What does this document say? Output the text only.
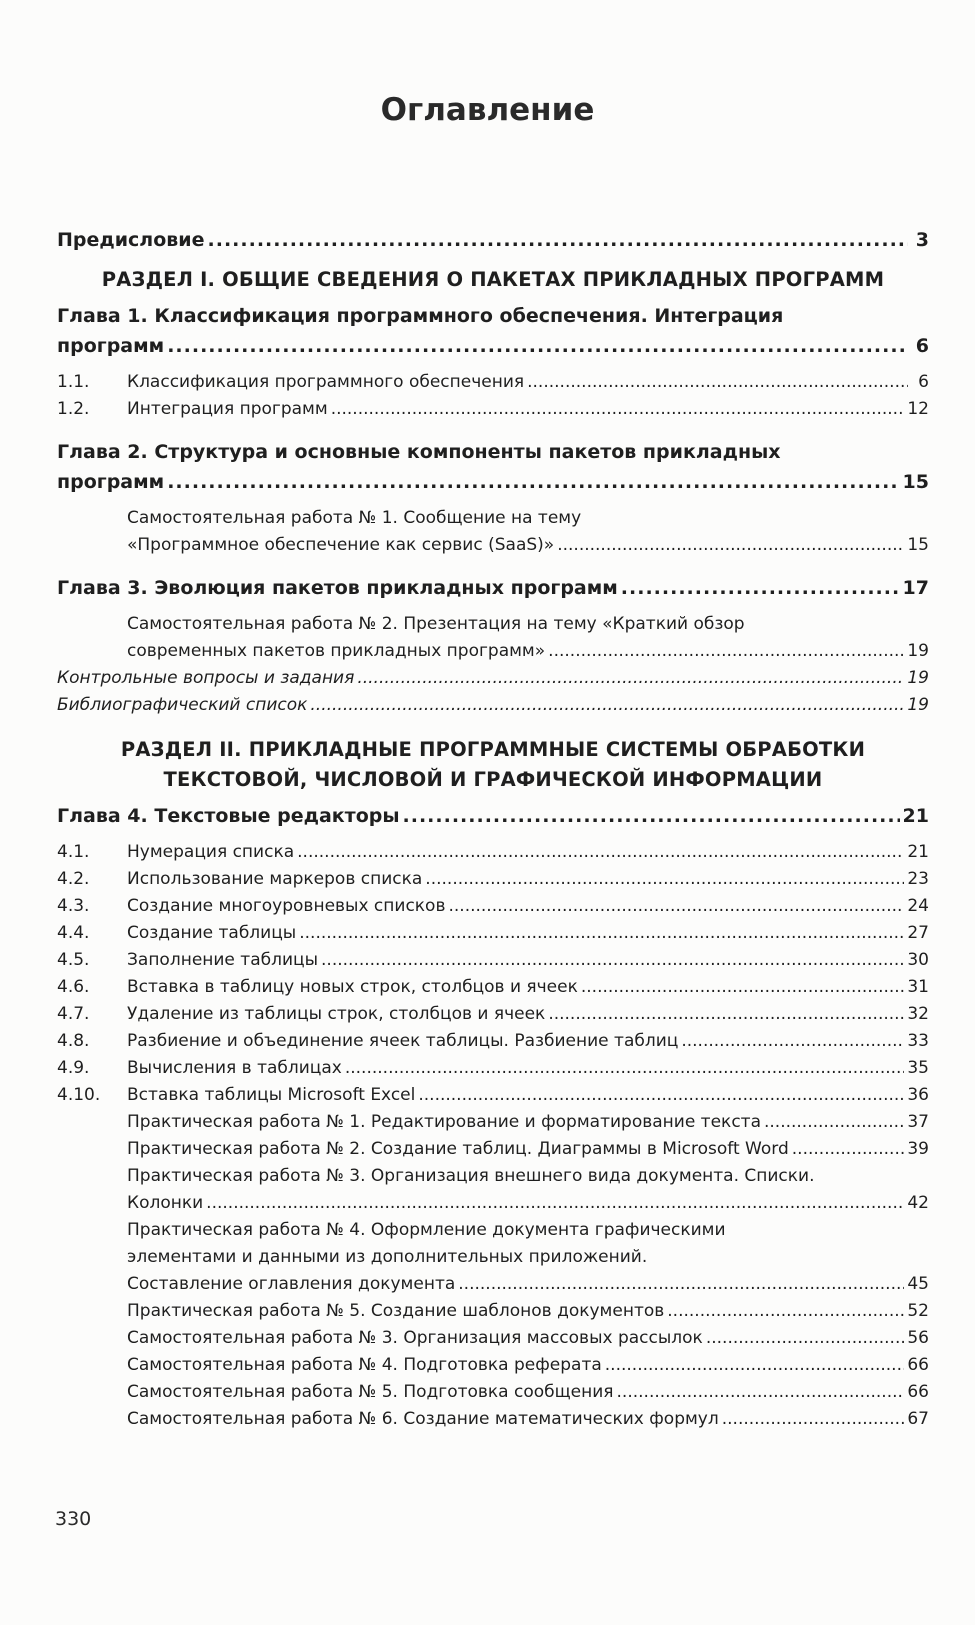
Оглавление
Предисловие .....	3
РАЗДЕЛ I. ОБЩИЕ СВЕДЕНИЯ О ПАКЕТАХ ПРИКЛАДНЫХ ПРОГРАММ
Глава 1. Классификация программного обеспечения. Интеграция
программ .....	6
1.1.	Классификация программного обеспечения .....	6
1.2.	Интеграция программ .....	12
Глава 2. Структура и основные компоненты пакетов прикладных
программ .....	15
Самостоятельная работа № 1. Сообщение на тему
«Программное обеспечение как сервис (SaaS)» .....	15
Глава 3. Эволюция пакетов прикладных программ .....	17
Самостоятельная работа № 2. Презентация на тему «Краткий обзор
современных пакетов прикладных программ» .....	19
Контрольные вопросы и задания .....	19
Библиографический список .....	19
РАЗДЕЛ II. ПРИКЛАДНЫЕ ПРОГРАММНЫЕ СИСТЕМЫ ОБРАБОТКИ
ТЕКСТОВОЙ, ЧИСЛОВОЙ И ГРАФИЧЕСКОЙ ИНФОРМАЦИИ
Глава 4. Текстовые редакторы .....	21
4.1.	Нумерация списка .....	21
4.2.	Использование маркеров списка .....	23
4.3.	Создание многоуровневых списков .....	24
4.4.	Создание таблицы .....	27
4.5.	Заполнение таблицы .....	30
4.6.	Вставка в таблицу новых строк, столбцов и ячеек .....	31
4.7.	Удаление из таблицы строк, столбцов и ячеек .....	32
4.8.	Разбиение и объединение ячеек таблицы. Разбиение таблиц .....	33
4.9.	Вычисления в таблицах .....	35
4.10.	Вставка таблицы Microsoft Excel .....	36
Практическая работа № 1. Редактирование и форматирование текста .....	37
Практическая работа № 2. Создание таблиц. Диаграммы в Microsoft Word .....	39
Практическая работа № 3. Организация внешнего вида документа. Списки.
Колонки .....	42
Практическая работа № 4. Оформление документа графическими
элементами и данными из дополнительных приложений.
Составление оглавления документа .....	45
Практическая работа № 5. Создание шаблонов документов .....	52
Самостоятельная работа № 3. Организация массовых рассылок .....	56
Самостоятельная работа № 4. Подготовка реферата .....	66
Самостоятельная работа № 5. Подготовка сообщения .....	66
Самостоятельная работа № 6. Создание математических формул .....	67
330
